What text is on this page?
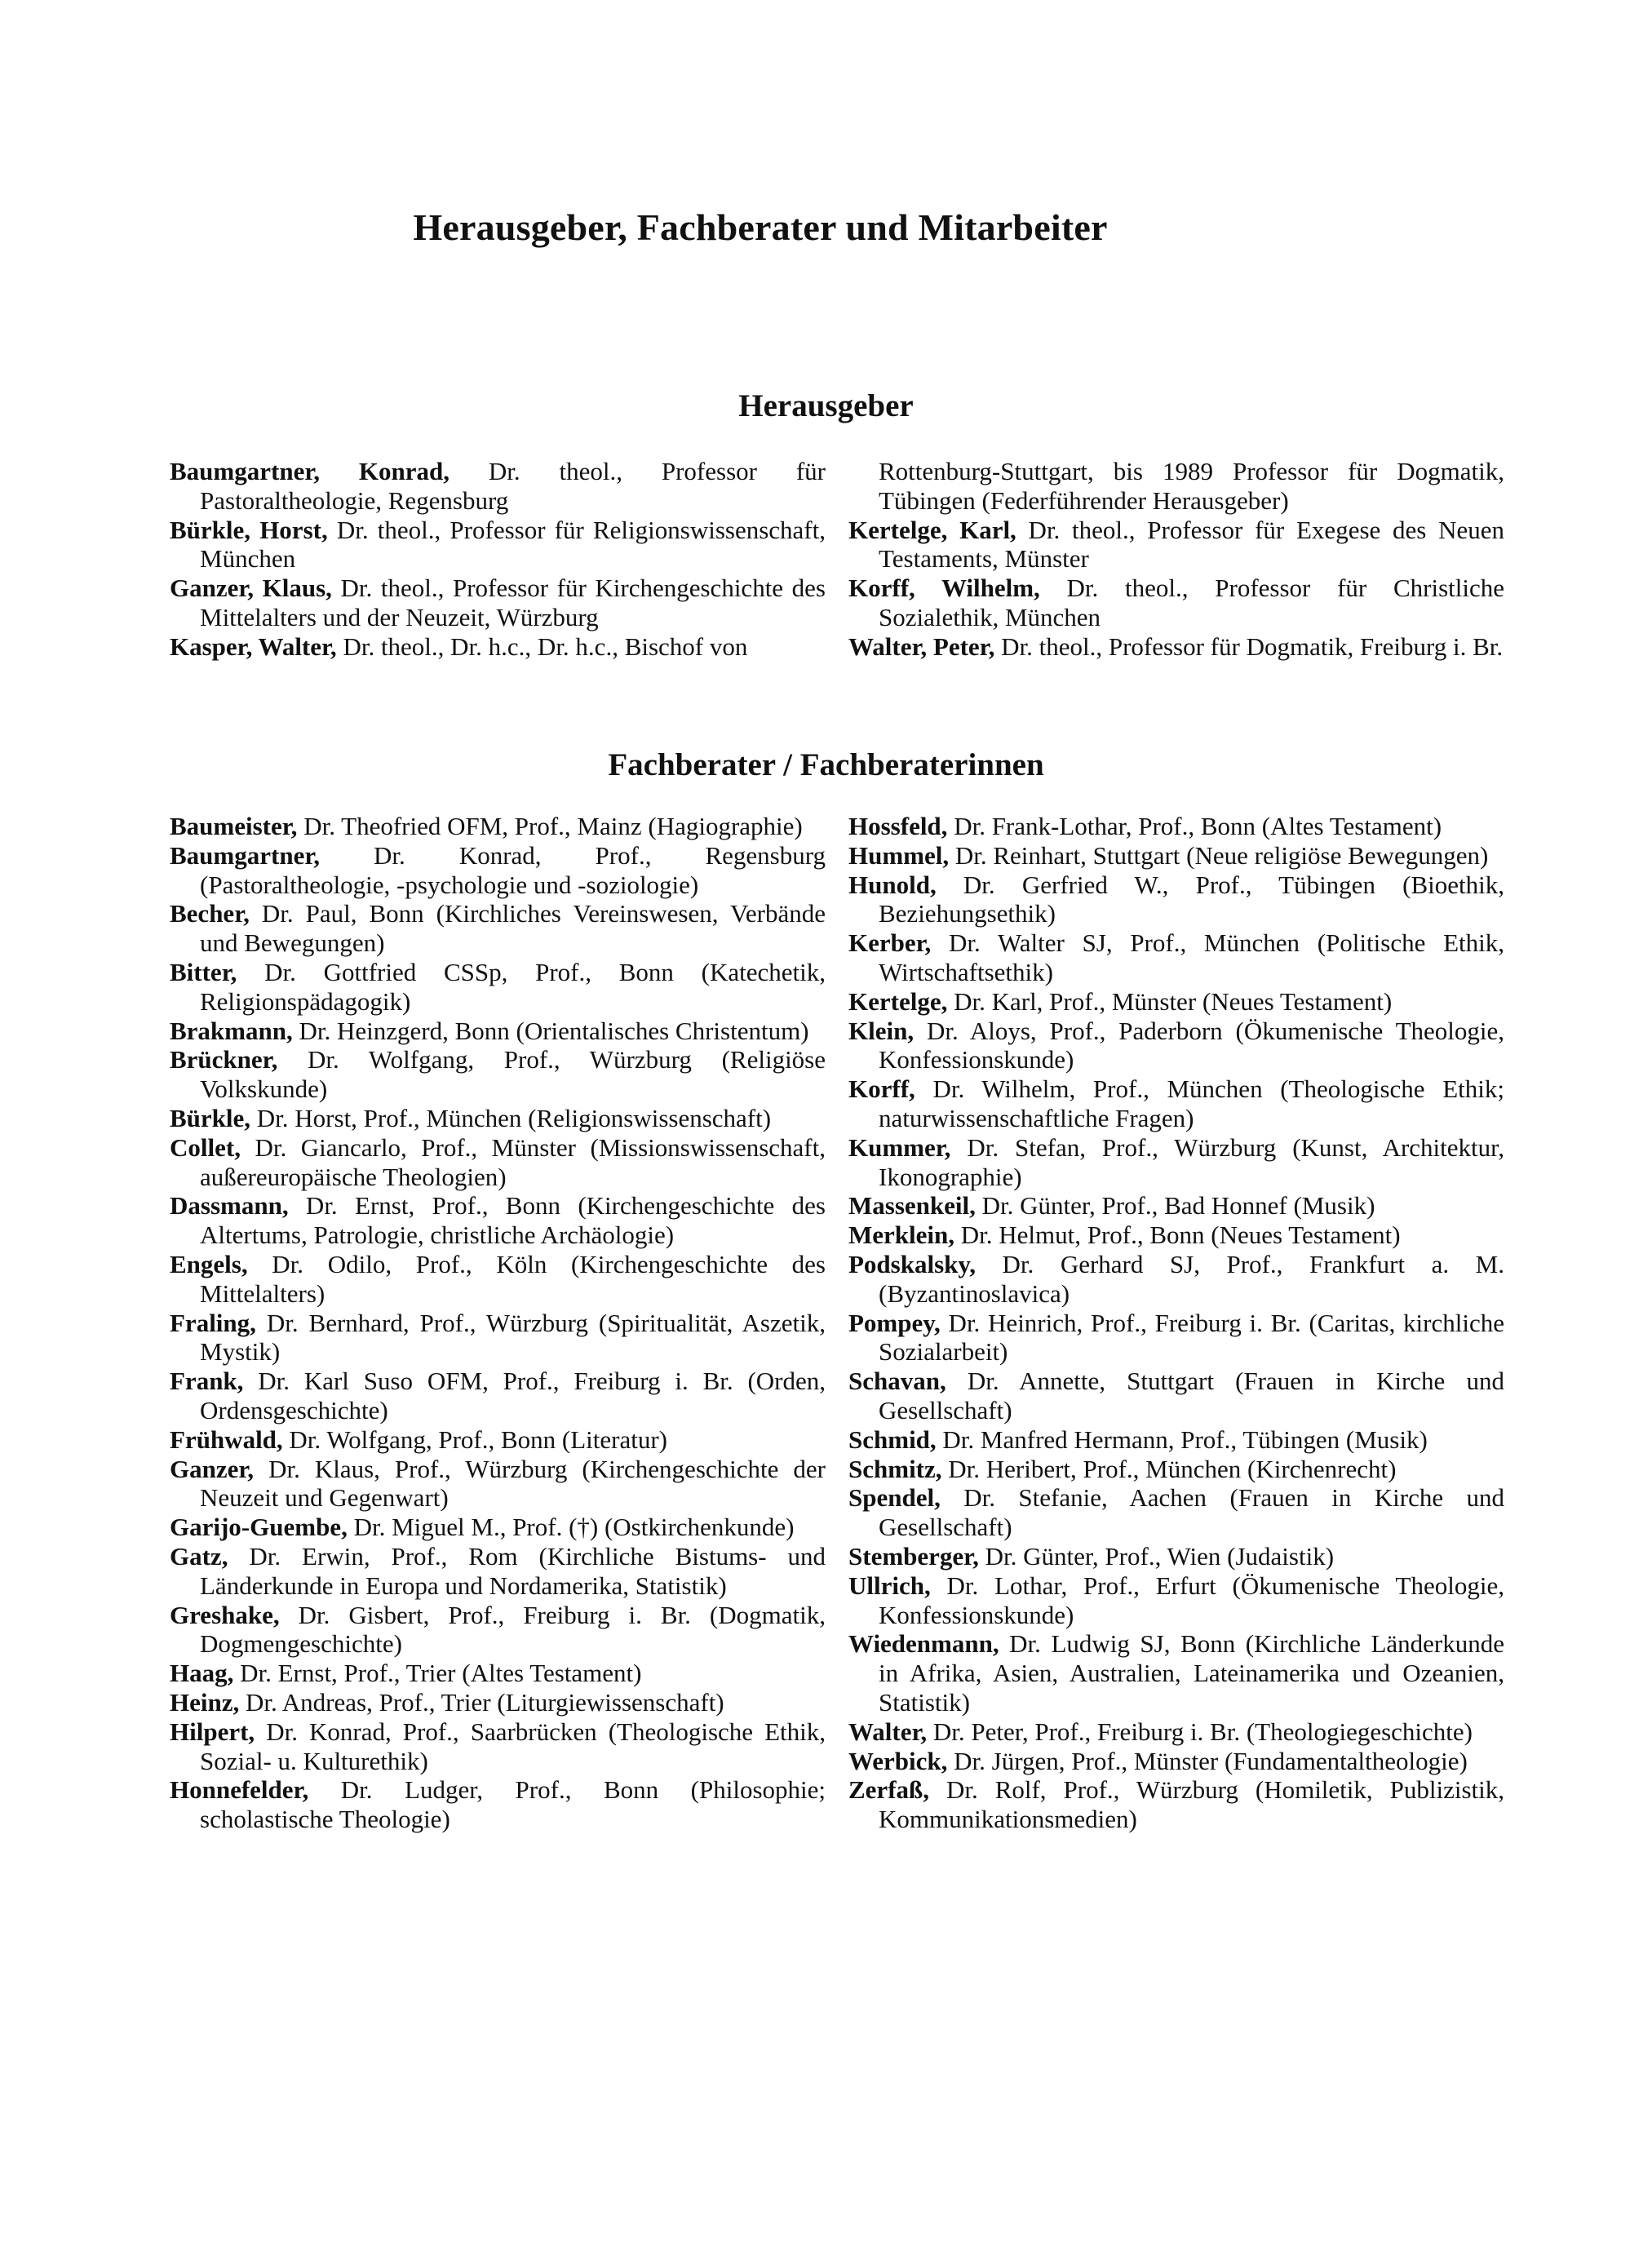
Herausgeber, Fachberater und Mitarbeiter
Herausgeber

Baumgartner, Konrad, Dr. theol., Professor für Pastoraltheologie, Regensburg

Bürkle, Horst, Dr. theol., Professor für Religionswissenschaft, München

Ganzer, Klaus, Dr. theol., Professor für Kirchengeschichte des Mittelalters und der Neuzeit, Würzburg

Kasper, Walter, Dr. theol., Dr. h.c., Dr. h.c., Bischof von

Rottenburg-Stuttgart, bis 1989 Professor für Dogmatik, Tübingen (Federführender Herausgeber)

Kertelge, Karl, Dr. theol., Professor für Exegese des Neuen Testaments, Münster

Korff, Wilhelm, Dr. theol., Professor für Christliche Sozialethik, München

Walter, Peter, Dr. theol., Professor für Dogmatik, Freiburg i. Br.

Fachberater / Fachberaterinnen

Baumeister, Dr. Theofried OFM, Prof., Mainz (Hagiographie)

Baumgartner, Dr. Konrad, Prof., Regensburg (Pastoraltheologie, -psychologie und -soziologie)

Becher, Dr. Paul, Bonn (Kirchliches Vereinswesen, Verbände und Bewegungen)

Bitter, Dr. Gottfried CSSp, Prof., Bonn (Katechetik, Religionspädagogik)

Brakmann, Dr. Heinzgerd, Bonn (Orientalisches Christentum)

Brückner, Dr. Wolfgang, Prof., Würzburg (Religiöse Volkskunde)

Bürkle, Dr. Horst, Prof., München (Religionswissenschaft)

Collet, Dr. Giancarlo, Prof., Münster (Missionswissenschaft, außereuropäische Theologien)

Dassmann, Dr. Ernst, Prof., Bonn (Kirchengeschichte des Altertums, Patrologie, christliche Archäologie)

Engels, Dr. Odilo, Prof., Köln (Kirchengeschichte des Mittelalters)

Fraling, Dr. Bernhard, Prof., Würzburg (Spiritualität, Aszetik, Mystik)

Frank, Dr. Karl Suso OFM, Prof., Freiburg i. Br. (Orden, Ordensgeschichte)

Frühwald, Dr. Wolfgang, Prof., Bonn (Literatur)

Ganzer, Dr. Klaus, Prof., Würzburg (Kirchengeschichte der Neuzeit und Gegenwart)

Garijo-Guembe, Dr. Miguel M., Prof. (†) (Ostkirchenkunde)

Gatz, Dr. Erwin, Prof., Rom (Kirchliche Bistums- und Länderkunde in Europa und Nordamerika, Statistik)

Greshake, Dr. Gisbert, Prof., Freiburg i. Br. (Dogmatik, Dogmengeschichte)

Haag, Dr. Ernst, Prof., Trier (Altes Testament)

Heinz, Dr. Andreas, Prof., Trier (Liturgiewissenschaft)

Hilpert, Dr. Konrad, Prof., Saarbrücken (Theologische Ethik, Sozial- u. Kulturethik)

Honnefelder, Dr. Ludger, Prof., Bonn (Philosophie; scholastische Theologie)

Hossfeld, Dr. Frank-Lothar, Prof., Bonn (Altes Testament)

Hummel, Dr. Reinhart, Stuttgart (Neue religiöse Bewegungen)

Hunold, Dr. Gerfried W., Prof., Tübingen (Bioethik, Beziehungsethik)

Kerber, Dr. Walter SJ, Prof., München (Politische Ethik, Wirtschaftsethik)

Kertelge, Dr. Karl, Prof., Münster (Neues Testament)

Klein, Dr. Aloys, Prof., Paderborn (Ökumenische Theologie, Konfessionskunde)

Korff, Dr. Wilhelm, Prof., München (Theologische Ethik; naturwissenschaftliche Fragen)

Kummer, Dr. Stefan, Prof., Würzburg (Kunst, Architektur, Ikonographie)

Massenkeil, Dr. Günter, Prof., Bad Honnef (Musik)

Merklein, Dr. Helmut, Prof., Bonn (Neues Testament)

Podskalsky, Dr. Gerhard SJ, Prof., Frankfurt a. M. (Byzantinoslavica)

Pompey, Dr. Heinrich, Prof., Freiburg i. Br. (Caritas, kirchliche Sozialarbeit)

Schavan, Dr. Annette, Stuttgart (Frauen in Kirche und Gesellschaft)

Schmid, Dr. Manfred Hermann, Prof., Tübingen (Musik)

Schmitz, Dr. Heribert, Prof., München (Kirchenrecht)

Spendel, Dr. Stefanie, Aachen (Frauen in Kirche und Gesellschaft)

Stemberger, Dr. Günter, Prof., Wien (Judaistik)

Ullrich, Dr. Lothar, Prof., Erfurt (Ökumenische Theologie, Konfessionskunde)

Wiedenmann, Dr. Ludwig SJ, Bonn (Kirchliche Länderkunde in Afrika, Asien, Australien, Lateinamerika und Ozeanien, Statistik)

Walter, Dr. Peter, Prof., Freiburg i. Br. (Theologiegeschichte)

Werbick, Dr. Jürgen, Prof., Münster (Fundamentaltheologie)

Zerfaß, Dr. Rolf, Prof., Würzburg (Homiletik, Publizistik, Kommunikationsmedien)
